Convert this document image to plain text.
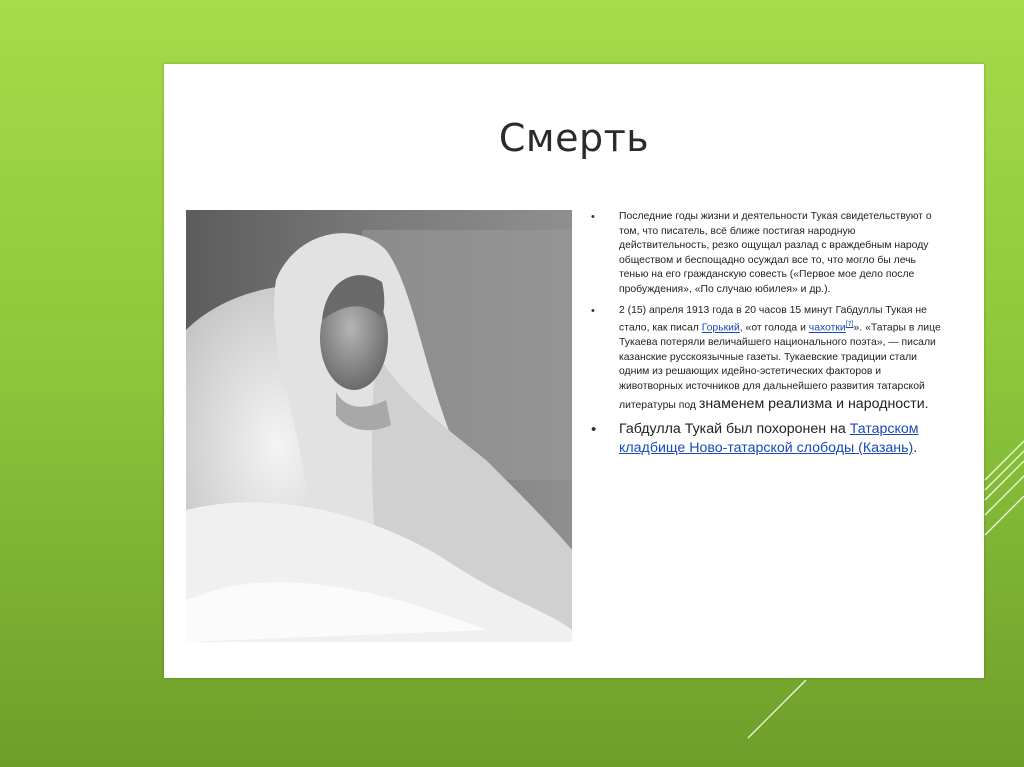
Смерть
• Последние годы жизни и деятельности Тукая свидетельствуют о том, что писатель, всё ближе постигая народную действительность, резко ощущал разлад с враждебным народу обществом и беспощадно осуждал все то, что могло бы лечь тенью на его гражданскую совесть («Первое мое дело после пробуждения», «По случаю юбилея» и др.).
• 2 (15) апреля 1913 года в 20 часов 15 минут Габдуллы Тукая не стало, как писал Горький, «от голода и чахотки[7]». «Татары в лице Тукаева потеряли величайшего национального поэта», — писали казанские русскоязычные газеты. Тукаевские традиции стали одним из решающих идейно-эстетических факторов и животворных источников для дальнейшего развития татарской литературы под знаменем реализма и народности.
• Габдулла Тукай был похоронен на Татарском кладбище Ново-татарской слободы (Казань).
